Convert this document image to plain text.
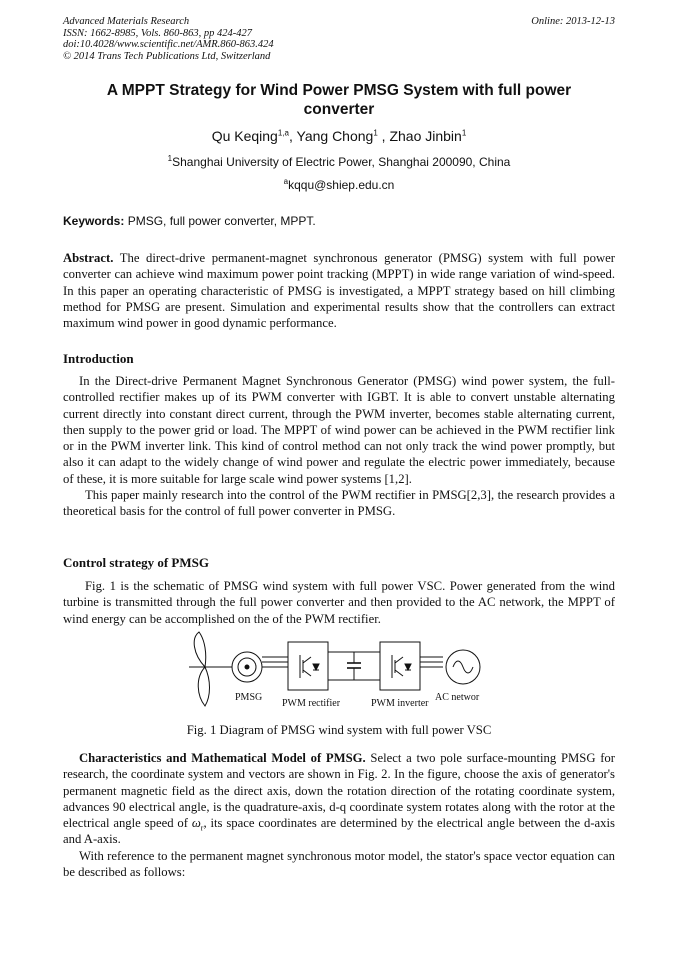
Advanced Materials Research
ISSN: 1662-8985, Vols. 860-863, pp 424-427
doi:10.4028/www.scientific.net/AMR.860-863.424
© 2014 Trans Tech Publications Ltd, Switzerland
Online: 2013-12-13
A MPPT Strategy for Wind Power PMSG System with full power converter
Qu Keqing$^{1,a}$, Yang Chong$^1$ , Zhao Jinbin$^1$
$^1$Shanghai University of Electric Power, Shanghai 200090, China
$^a$kqqu@shiep.edu.cn
Keywords: PMSG, full power converter, MPPT.
Abstract. The direct-drive permanent-magnet synchronous generator (PMSG) system with full power converter can achieve wind maximum power point tracking (MPPT) in wide range variation of wind-speed. In this paper an operating characteristic of PMSG is investigated, a MPPT strategy based on hill climbing method for PMSG are present. Simulation and experimental results show that the controllers can extract maximum wind power in good dynamic performance.
Introduction

In the Direct-drive Permanent Magnet Synchronous Generator (PMSG) wind power system, the full-controlled rectifier makes up of its PWM converter with IGBT. It is able to convert unstable alternating current directly into constant direct current, through the PWM inverter, becomes stable alternating current, then supply to the power grid or load. The MPPT of wind power can be achieved in the PWM rectifier link or in the PWM inverter link. This kind of control method can not only track the wind power promptly, but also it can adapt to the widely change of wind power and regulate the electric power immediately, because of these, it is more suitable for large scale wind power systems [1,2].

This paper mainly research into the control of the PWM rectifier in PMSG[2,3], the research provides a theoretical basis for the control of full power converter in PMSG.

Control strategy of PMSG

Fig. 1 is the schematic of PMSG wind system with full power VSC. Power generated from the wind turbine is transmitted through the full power converter and then provided to the AC network, the MPPT of wind energy can be accomplished on the of the PWM rectifier.

PMSG
PWM rectifier	PWM inverter
AC networ
Fig. 1 Diagram of PMSG wind system with full power VSC

Characteristics and Mathematical Model of PMSG. Select a two pole surface-mounting PMSG for research, the coordinate system and vectors are shown in Fig. 2. In the figure, choose the axis of generator's permanent magnetic field as the direct axis, down the rotation direction of the rotating coordinate system, advances 90 electrical angle, is the quadrature-axis, d-q coordinate system rotates along with the rotor at the electrical angle speed of $\omega_r$, its space coordinates are determined by the electrical angle between the d-axis and A-axis.

With reference to the permanent magnet synchronous motor model, the stator's space vector equation can be described as follows:
